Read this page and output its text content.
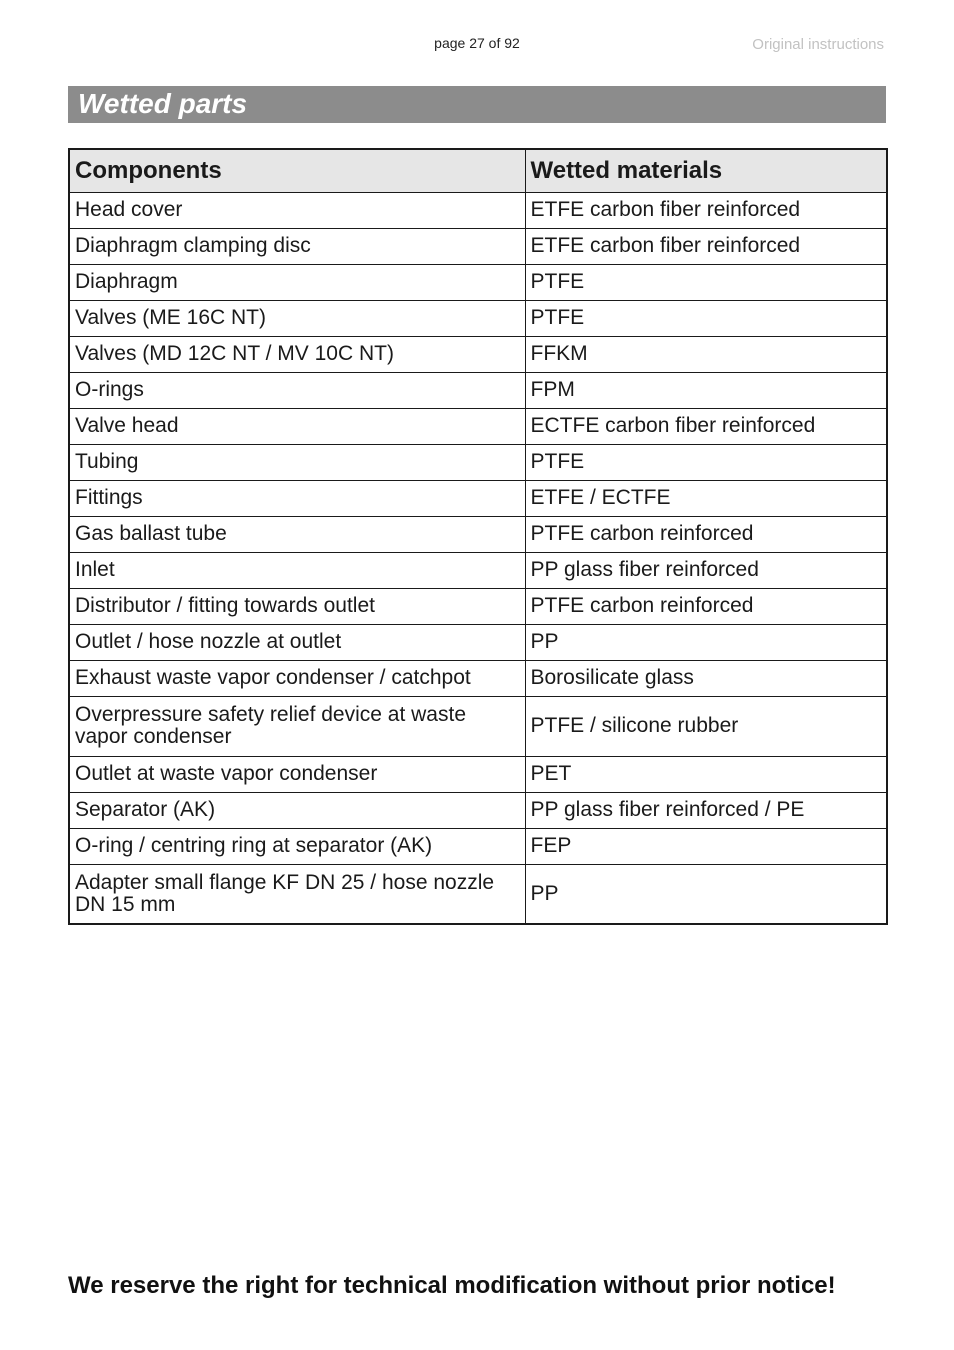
page 27 of 92	Original instructions
Wetted parts
Components	Wetted materials
Head cover	ETFE carbon fiber reinforced
Diaphragm clamping disc	ETFE carbon fiber reinforced
Diaphragm	PTFE
Valves (ME 16C NT)	PTFE
Valves (MD 12C NT / MV 10C NT)	FFKM
O-rings	FPM
Valve head	ECTFE carbon fiber reinforced
Tubing	PTFE
Fittings	ETFE / ECTFE
Gas ballast tube	PTFE carbon reinforced
Inlet	PP glass fiber reinforced
Distributor / fitting towards outlet	PTFE carbon reinforced
Outlet / hose nozzle at outlet	PP
Exhaust waste vapor condenser / catchpot	Borosilicate glass
Overpressure safety relief device at waste vapor condenser	PTFE / silicone rubber
Outlet at waste vapor condenser	PET
Separator (AK)	PP glass fiber reinforced / PE
O-ring / centring ring at separator (AK)	FEP
Adapter small flange KF DN 25 / hose nozzle DN 15 mm	PP
We reserve the right for technical modification without prior notice!
